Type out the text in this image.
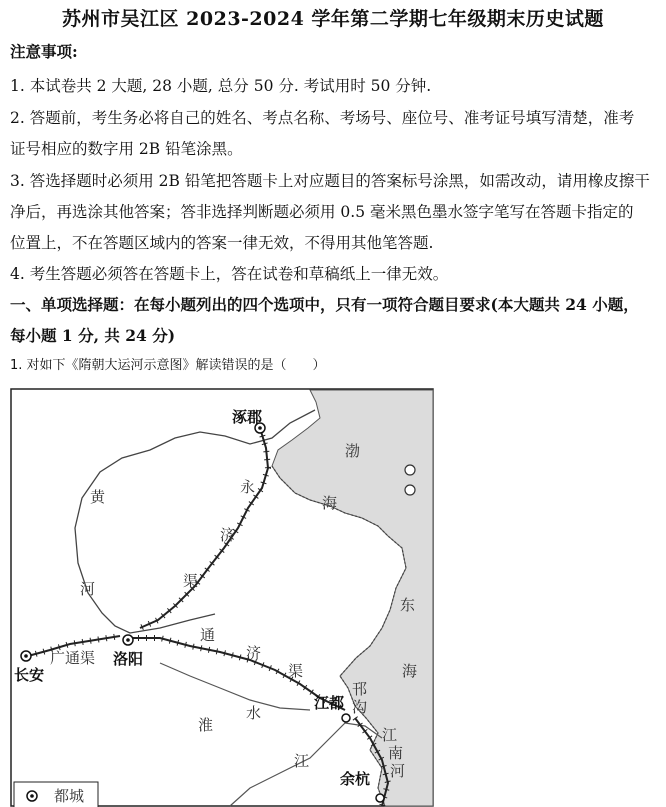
苏州市吴江区 2023-2024 学年第二学期七年级期末历史试题
注意事项:
1. 本试卷共 2 大题, 28 小题, 总分 50 分. 考试用时 50 分钟.
2. 答题前，考生务必将自己的姓名、考点名称、考场号、座位号、准考证号填写清楚，准考
证号相应的数字用 2B 铅笔涂黑。
3. 答选择题时必须用 2B 铅笔把答题卡上对应题目的答案标号涂黑，如需改动，请用橡皮擦干
净后，再选涂其他答案；答非选择判断题必须用 0.5 毫米黑色墨水签字笔写在答题卡指定的
位置上，不在答题区域内的答案一律无效，不得用其他笔答题.
4. 考生答题必须答在答题卡上，答在试卷和草稿纸上一律无效。
一、单项选择题：在每小题列出的四个选项中，只有一项符合题目要求(本大题共 24 小题，
每小题 1 分, 共 24 分)
1. 对如下《隋朝大运河示意图》解读错误的是（　　）
涿郡
洛阳
长安
江都
余杭
黄
河
永
济
渠
广通渠
通
济
渠
淮
水
江
邗
沟
江
南
河
渤
海
东
海
都城
